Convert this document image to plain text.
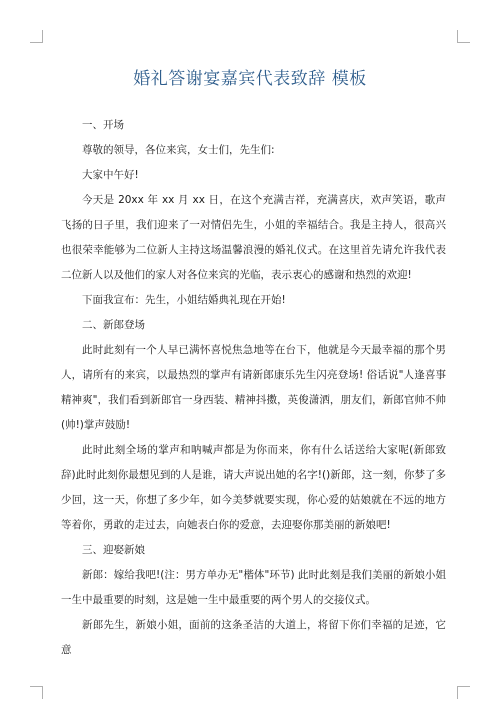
婚礼答谢宴嘉宾代表致辞 模板

一、开场

尊敬的领导，各位来宾，女士们，先生们:

大家中午好!

今天是 20xx 年 xx 月 xx 日，在这个充满吉祥，充满喜庆，欢声笑语，歌声飞扬的日子里，我们迎来了一对情侣先生，小姐的幸福结合。我是主持人，很高兴也很荣幸能够为二位新人主持这场温馨浪漫的婚礼仪式。在这里首先请允许我代表二位新人以及他们的家人对各位来宾的光临，表示衷心的感谢和热烈的欢迎!

下面我宣布：先生，小姐结婚典礼现在开始!

二、新郎登场

此时此刻有一个人早已满怀喜悦焦急地等在台下，他就是今天最幸福的那个男人，请所有的来宾，以最热烈的掌声有请新郎康乐先生闪亮登场! 俗话说"人逢喜事精神爽"，我们看到新郎官一身西装、精神抖擞，英俊潇洒，朋友们，新郎官帅不帅(帅!)掌声鼓励!

此时此刻全场的掌声和呐喊声都是为你而来，你有什么话送给大家呢(新郎致辞)此时此刻你最想见到的人是谁，请大声说出她的名字!()新郎，这一刻，你梦了多少回，这一天，你想了多少年，如今美梦就要实现，你心爱的姑娘就在不远的地方等着你，勇敢的走过去，向她表白你的爱意，去迎娶你那美丽的新娘吧!

三、迎娶新娘

新郎：嫁给我吧!(注：男方单办无"楷体"环节) 此时此刻是我们美丽的新娘小姐一生中最重要的时刻，这是她一生中最重要的两个男人的交接仪式。

新郎先生，新娘小姐，面前的这条圣洁的大道上，将留下你们幸福的足迹，它意
